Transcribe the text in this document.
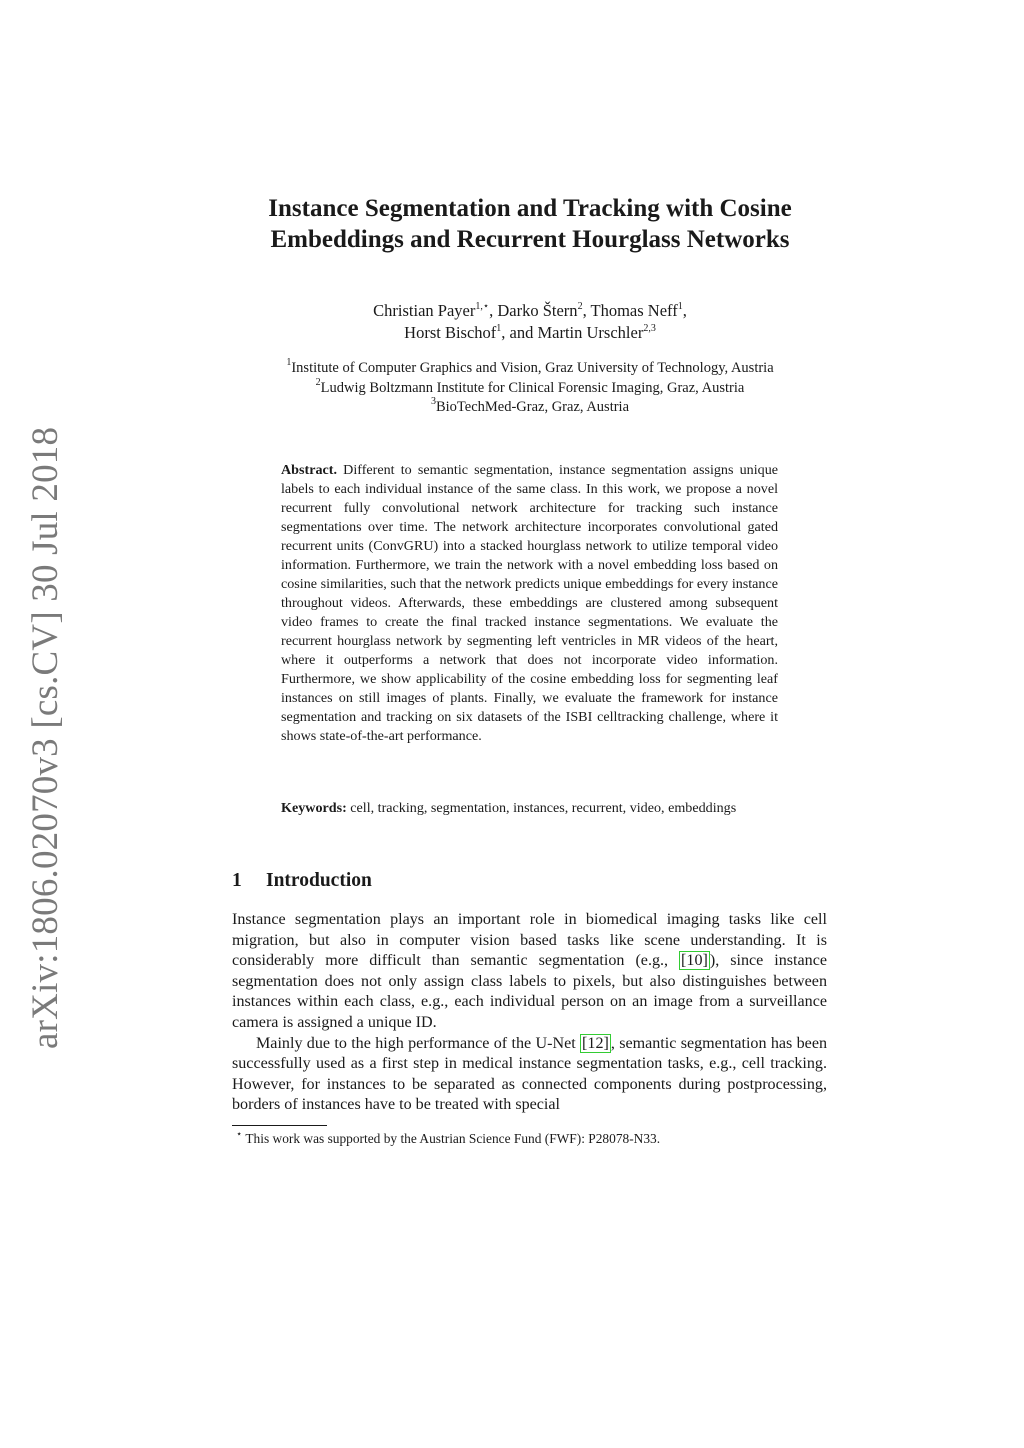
arXiv:1806.02070v3 [cs.CV] 30 Jul 2018
Instance Segmentation and Tracking with Cosine
Embeddings and Recurrent Hourglass Networks
Christian Payer$^{1,⋆}$, Darko Štern$^2$, Thomas Neff$^1$,
Horst Bischof$^1$, and Martin Urschler$^{2,3}$
$^1$Institute of Computer Graphics and Vision, Graz University of Technology, Austria
$^2$Ludwig Boltzmann Institute for Clinical Forensic Imaging, Graz, Austria
$^3$BioTechMed-Graz, Graz, Austria
Abstract. Different to semantic segmentation, instance segmentation assigns unique labels to each individual instance of the same class. In this work, we propose a novel recurrent fully convolutional network architecture for tracking such instance segmentations over time. The network architecture incorporates convolutional gated recurrent units (ConvGRU) into a stacked hourglass network to utilize temporal video information. Furthermore, we train the network with a novel embedding loss based on cosine similarities, such that the network predicts unique embeddings for every instance throughout videos. Afterwards, these embeddings are clustered among subsequent video frames to create the final tracked instance segmentations. We evaluate the recurrent hourglass network by segmenting left ventricles in MR videos of the heart, where it outperforms a network that does not incorporate video information. Furthermore, we show applicability of the cosine embedding loss for segmenting leaf instances on still images of plants. Finally, we evaluate the framework for instance segmentation and tracking on six datasets of the ISBI celltracking challenge, where it shows state-of-the-art performance.
Keywords: cell, tracking, segmentation, instances, recurrent, video, embeddings
1 Introduction

Instance segmentation plays an important role in biomedical imaging tasks like cell migration, but also in computer vision based tasks like scene understanding. It is considerably more difficult than semantic segmentation (e.g., [10] ), since instance segmentation does not only assign class labels to pixels, but also distinguishes between instances within each class, e.g., each individual person on an image from a surveillance camera is assigned a unique ID.

Mainly due to the high performance of the U-Net [12] , semantic segmentation has been successfully used as a first step in medical instance segmentation tasks, e.g., cell tracking. However, for instances to be separated as connected components during postprocessing, borders of instances have to be treated with special

⋆ This work was supported by the Austrian Science Fund (FWF): P28078-N33.
